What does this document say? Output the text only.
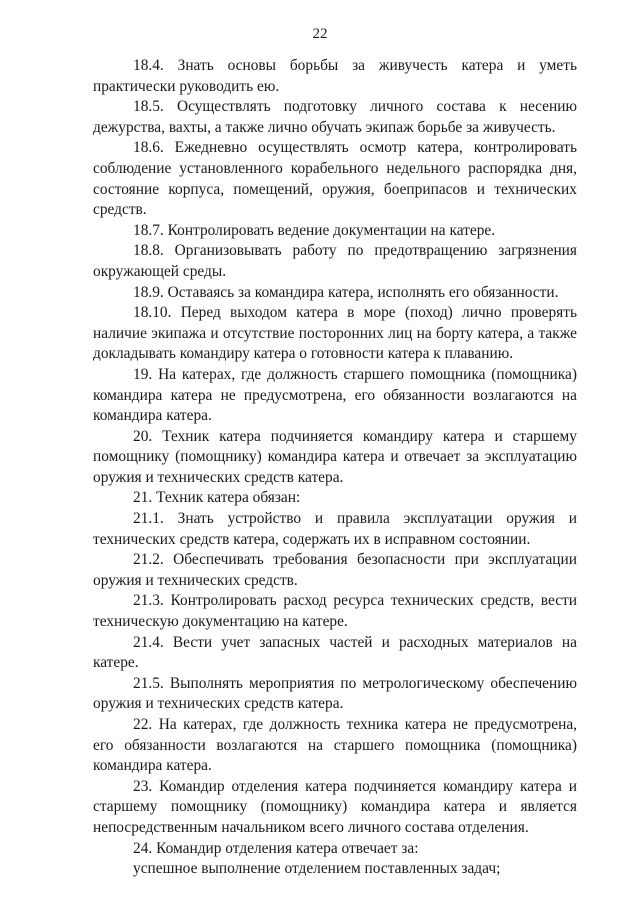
22

18.4. Знать основы борьбы за живучесть катера и уметь практически руководить ею.

18.5. Осуществлять подготовку личного состава к несению дежурства, вахты, а также лично обучать экипаж борьбе за живучесть.

18.6. Ежедневно осуществлять осмотр катера, контролировать соблюдение установленного корабельного недельного распорядка дня, состояние корпуса, помещений, оружия, боеприпасов и технических средств.

18.7. Контролировать ведение документации на катере.

18.8. Организовывать работу по предотвращению загрязнения окружающей среды.

18.9. Оставаясь за командира катера, исполнять его обязанности.

18.10. Перед выходом катера в море (поход) лично проверять наличие экипажа и отсутствие посторонних лиц на борту катера, а также докладывать командиру катера о готовности катера к плаванию.

19. На катерах, где должность старшего помощника (помощника) командира катера не предусмотрена, его обязанности возлагаются на командира катера.

20. Техник катера подчиняется командиру катера и старшему помощнику (помощнику) командира катера и отвечает за эксплуатацию оружия и технических средств катера.

21. Техник катера обязан:

21.1. Знать устройство и правила эксплуатации оружия и технических средств катера, содержать их в исправном состоянии.

21.2. Обеспечивать требования безопасности при эксплуатации оружия и технических средств.

21.3. Контролировать расход ресурса технических средств, вести техническую документацию на катере.

21.4. Вести учет запасных частей и расходных материалов на катере.

21.5. Выполнять мероприятия по метрологическому обеспечению оружия и технических средств катера.

22. На катерах, где должность техника катера не предусмотрена, его обязанности возлагаются на старшего помощника (помощника) командира катера.

23. Командир отделения катера подчиняется командиру катера и старшему помощнику (помощнику) командира катера и является непосредственным начальником всего личного состава отделения.

24. Командир отделения катера отвечает за:

успешное выполнение отделением поставленных задач;
